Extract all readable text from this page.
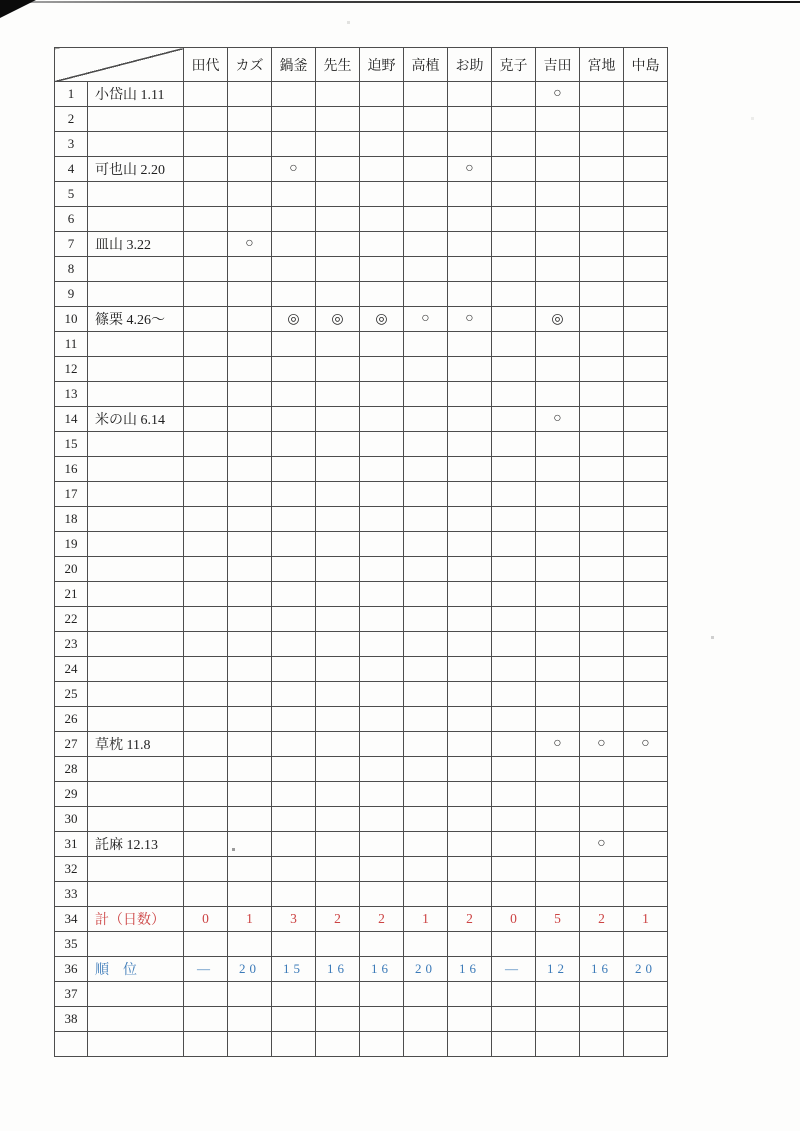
		田代	カズ	鍋釜	先生	迫野	高植	お助	克子	吉田	宮地	中島
1	小岱山 1.11									○		
2												
3												
4	可也山 2.20			○				○				
5												
6												
7	皿山 3.22		○									
8												
9												
10	篠栗 4.26〜			◎	◎	◎	○	○		◎		
11												
12												
13												
14	米の山 6.14									○		
15												
16												
17												
18												
19												
20												
21												
22												
23												
24												
25												
26												
27	草枕 11.8									○	○	○
28												
29												
30												
31	託麻 12.13										○	
32												
33												
34	計（日数）	0	1	3	2	2	1	2	0	5	2	1
35												
36	順　位	—	20	15	16	16	20	16	—	12	16	20
37												
38												
